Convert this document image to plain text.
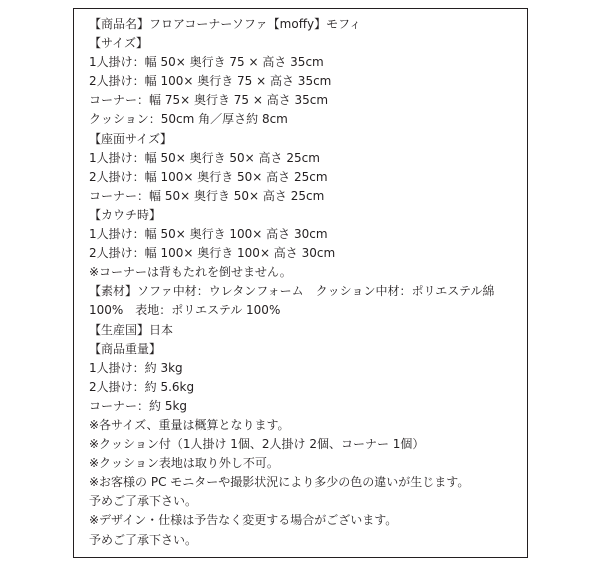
【商品名】フロアコーナーソファ【moffy】モフィ
【サイズ】
1人掛け：幅 50× 奥行き 75 × 高さ 35cm
2人掛け：幅 100× 奥行き 75 × 高さ 35cm
コーナー：幅 75× 奥行き 75 × 高さ 35cm
クッション：50cm 角／厚さ約 8cm
【座面サイズ】
1人掛け：幅 50× 奥行き 50× 高さ 25cm
2人掛け：幅 100× 奥行き 50× 高さ 25cm
コーナー：幅 50× 奥行き 50× 高さ 25cm
【カウチ時】
1人掛け：幅 50× 奥行き 100× 高さ 30cm
2人掛け：幅 100× 奥行き 100× 高さ 30cm
※コーナーは背もたれを倒せません。
【素材】ソファ中材：ウレタンフォーム　クッション中材：ポリエステル綿
100%　表地：ポリエステル 100%
【生産国】日本
【商品重量】
1人掛け：約 3kg
2人掛け：約 5.6kg
コーナー：約 5kg
※各サイズ、重量は概算となります。
※クッション付（1人掛け 1個、2人掛け 2個、コーナー 1個）
※クッション表地は取り外し不可。
※お客様の PC モニターや撮影状況により多少の色の違いが生じます。
予めご了承下さい。
※デザイン・仕様は予告なく変更する場合がございます。
予めご了承下さい。
